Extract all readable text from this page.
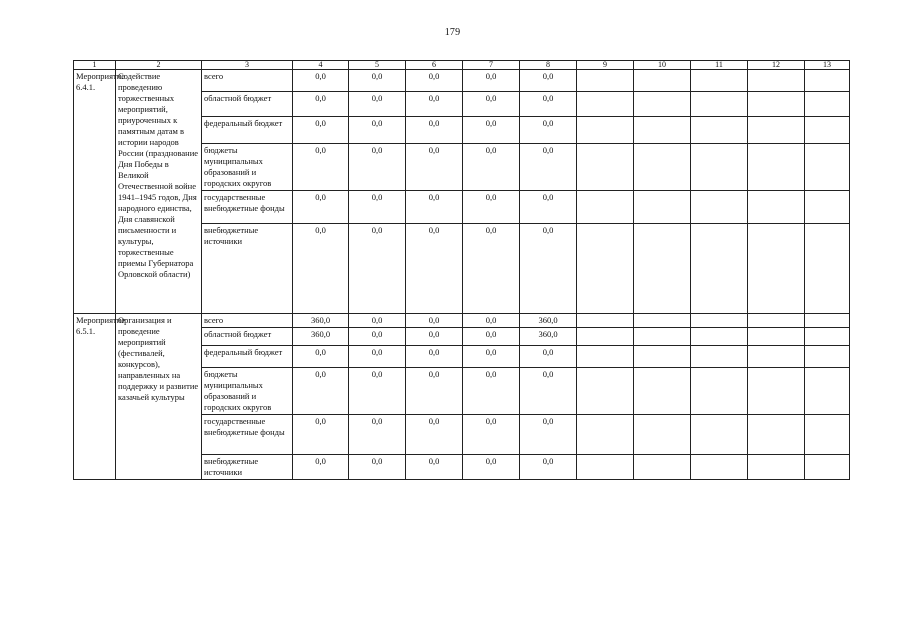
179
1	2	3	4	5	6	7	8	9	10	11	12	13
Мероприятие 6.4.1.	Содействие проведению торжественных мероприятий, приуроченных к памятным датам в истории народов России (празднование Дня Победы в Великой Отечественной войне 1941–1945 годов, Дня народного единства, Дня славянской письменности и культуры, торжественные приемы Губернатора Орловской области)	всего	0,0	0,0	0,0	0,0	0,0					
		областной бюджет	0,0	0,0	0,0	0,0	0,0					
		федеральный бюджет	0,0	0,0	0,0	0,0	0,0					
		бюджеты муниципальных образований и городских округов	0,0	0,0	0,0	0,0	0,0					
		государственные внебюджетные фонды	0,0	0,0	0,0	0,0	0,0					
		внебюджетные источники	0,0	0,0	0,0	0,0	0,0					
Мероприятие 6.5.1.	Организация и проведение мероприятий (фестивалей, конкурсов), направленных на поддержку и развитие казачьей культуры	всего	360,0	0,0	0,0	0,0	360,0					
		областной бюджет	360,0	0,0	0,0	0,0	360,0					
		федеральный бюджет	0,0	0,0	0,0	0,0	0,0					
		бюджеты муниципальных образований и городских округов	0,0	0,0	0,0	0,0	0,0					
		государственные внебюджетные фонды	0,0	0,0	0,0	0,0	0,0					
		внебюджетные источники	0,0	0,0	0,0	0,0	0,0					
